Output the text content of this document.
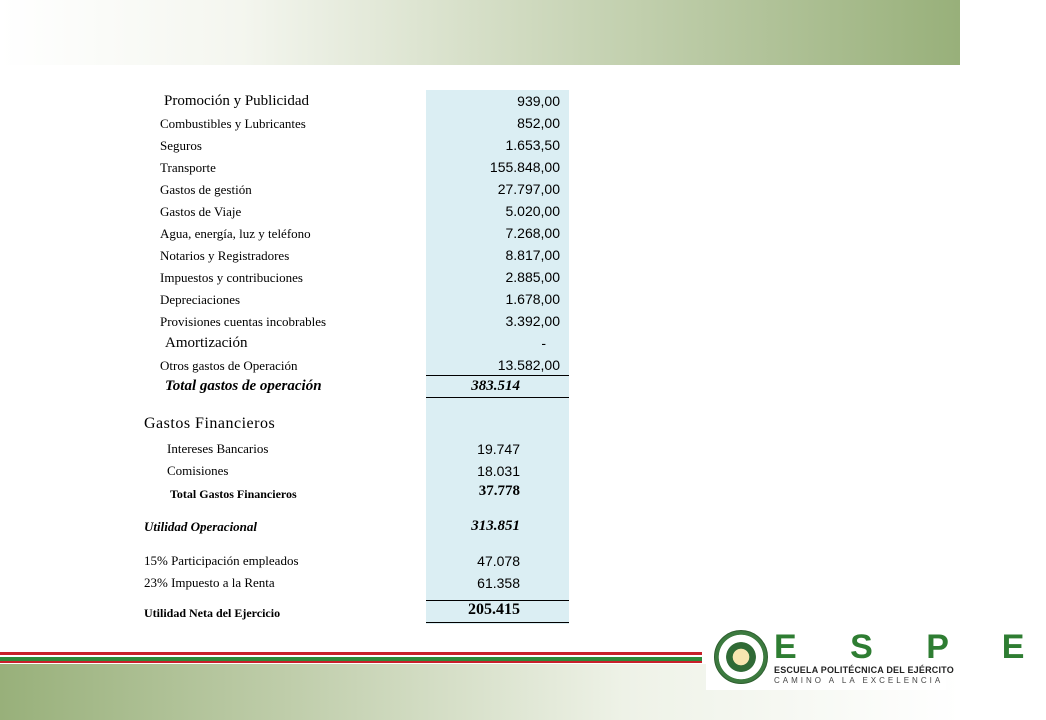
Promoción y Publicidad	939,00
Combustibles y Lubricantes	852,00
Seguros	1.653,50
Transporte	155.848,00
Gastos de gestión	27.797,00
Gastos de Viaje	5.020,00
Agua, energía, luz y teléfono	7.268,00
Notarios y Registradores	8.817,00
Impuestos y contribuciones	2.885,00
Depreciaciones	1.678,00
Provisiones cuentas incobrables	3.392,00
Amortización	-
Otros gastos de Operación	13.582,00
Total gastos de operación	383.514
Gastos Financieros
Intereses Bancarios	19.747
Comisiones	18.031
Total Gastos Financieros	37.778
Utilidad Operacional	313.851
15% Participación empleados	47.078
23% Impuesto a la Renta	61.358
Utilidad Neta del Ejercicio	205.415
E S P E
ESCUELA POLITÉCNICA DEL EJÉRCITO
CAMINO A LA EXCELENCIA
